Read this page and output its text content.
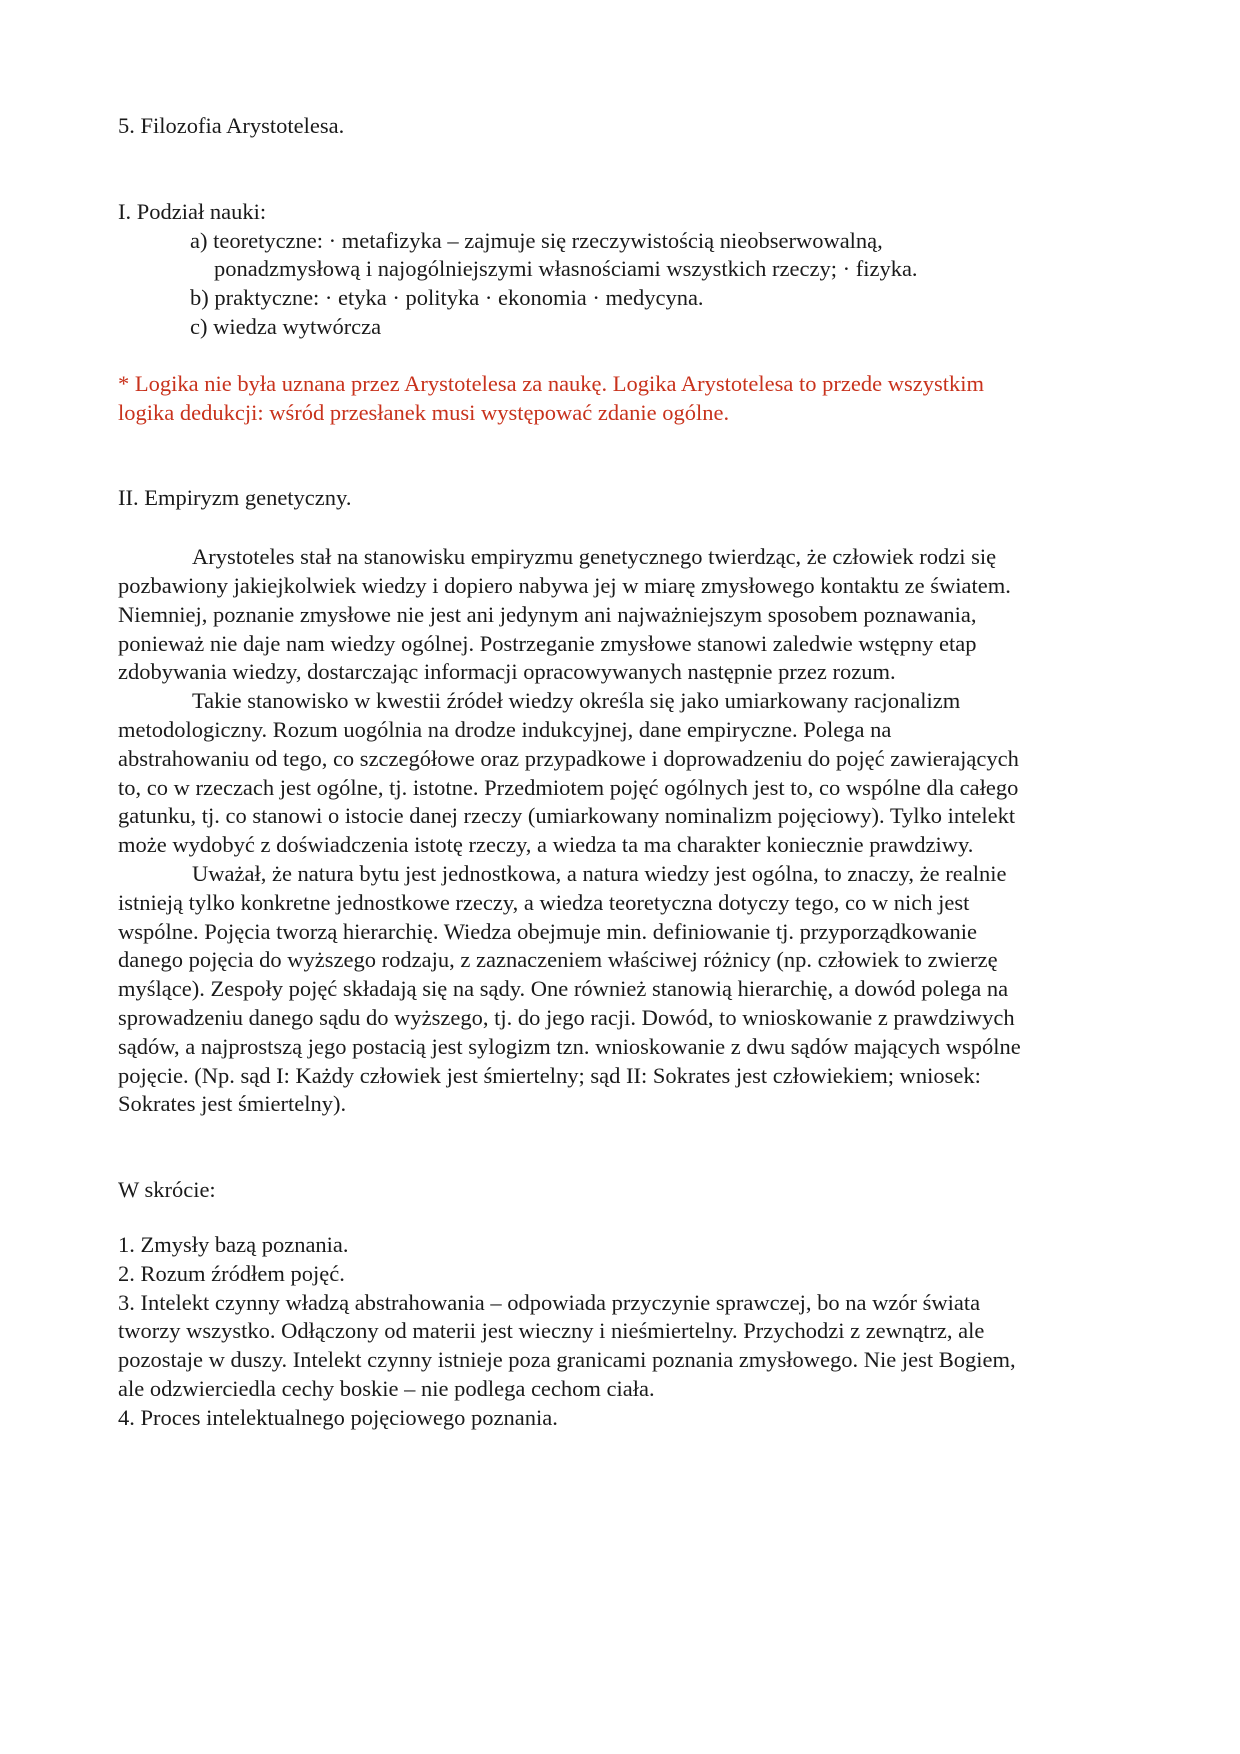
5. Filozofia Arystotelesa.

I. Podział nauki:

a) teoretyczne: · metafizyka – zajmuje się rzeczywistością nieobserwowalną,

ponadzmysłową i najogólniejszymi własnościami wszystkich rzeczy; · fizyka.

b) praktyczne: · etyka · polityka · ekonomia · medycyna.

c) wiedza wytwórcza

* Logika nie była uznana przez Arystotelesa za naukę. Logika Arystotelesa to przede wszystkim

logika dedukcji: wśród przesłanek musi występować zdanie ogólne.

II. Empiryzm genetyczny.

Arystoteles stał na stanowisku empiryzmu genetycznego twierdząc, że człowiek rodzi się

pozbawiony jakiejkolwiek wiedzy i dopiero nabywa jej w miarę zmysłowego kontaktu ze światem.

Niemniej, poznanie zmysłowe nie jest ani jedynym ani najważniejszym sposobem poznawania,

ponieważ nie daje nam wiedzy ogólnej. Postrzeganie zmysłowe stanowi zaledwie wstępny etap

zdobywania wiedzy, dostarczając informacji opracowywanych następnie przez rozum.

Takie stanowisko w kwestii źródeł wiedzy określa się jako umiarkowany racjonalizm

metodologiczny. Rozum uogólnia na drodze indukcyjnej, dane empiryczne. Polega na

abstrahowaniu od tego, co szczegółowe oraz przypadkowe i doprowadzeniu do pojęć zawierających

to, co w rzeczach jest ogólne, tj. istotne. Przedmiotem pojęć ogólnych jest to, co wspólne dla całego

gatunku, tj. co stanowi o istocie danej rzeczy (umiarkowany nominalizm pojęciowy). Tylko intelekt

może wydobyć z doświadczenia istotę rzeczy, a wiedza ta ma charakter koniecznie prawdziwy.

Uważał, że natura bytu jest jednostkowa, a natura wiedzy jest ogólna, to znaczy, że realnie

istnieją tylko konkretne jednostkowe rzeczy, a wiedza teoretyczna dotyczy tego, co w nich jest

wspólne. Pojęcia tworzą hierarchię. Wiedza obejmuje min. definiowanie tj. przyporządkowanie

danego pojęcia do wyższego rodzaju, z zaznaczeniem właściwej różnicy (np. człowiek to zwierzę

myślące). Zespoły pojęć składają się na sądy. One również stanowią hierarchię, a dowód polega na

sprowadzeniu danego sądu do wyższego, tj. do jego racji. Dowód, to wnioskowanie z prawdziwych

sądów, a najprostszą jego postacią jest sylogizm tzn. wnioskowanie z dwu sądów mających wspólne

pojęcie. (Np. sąd I: Każdy człowiek jest śmiertelny; sąd II: Sokrates jest człowiekiem; wniosek:

Sokrates jest śmiertelny).

W skrócie:

1. Zmysły bazą poznania.

2. Rozum źródłem pojęć.

3. Intelekt czynny władzą abstrahowania – odpowiada przyczynie sprawczej, bo na wzór świata

tworzy wszystko. Odłączony od materii jest wieczny i nieśmiertelny. Przychodzi z zewnątrz, ale

pozostaje w duszy. Intelekt czynny istnieje poza granicami poznania zmysłowego. Nie jest Bogiem,

ale odzwierciedla cechy boskie – nie podlega cechom ciała.

4. Proces intelektualnego pojęciowego poznania.
